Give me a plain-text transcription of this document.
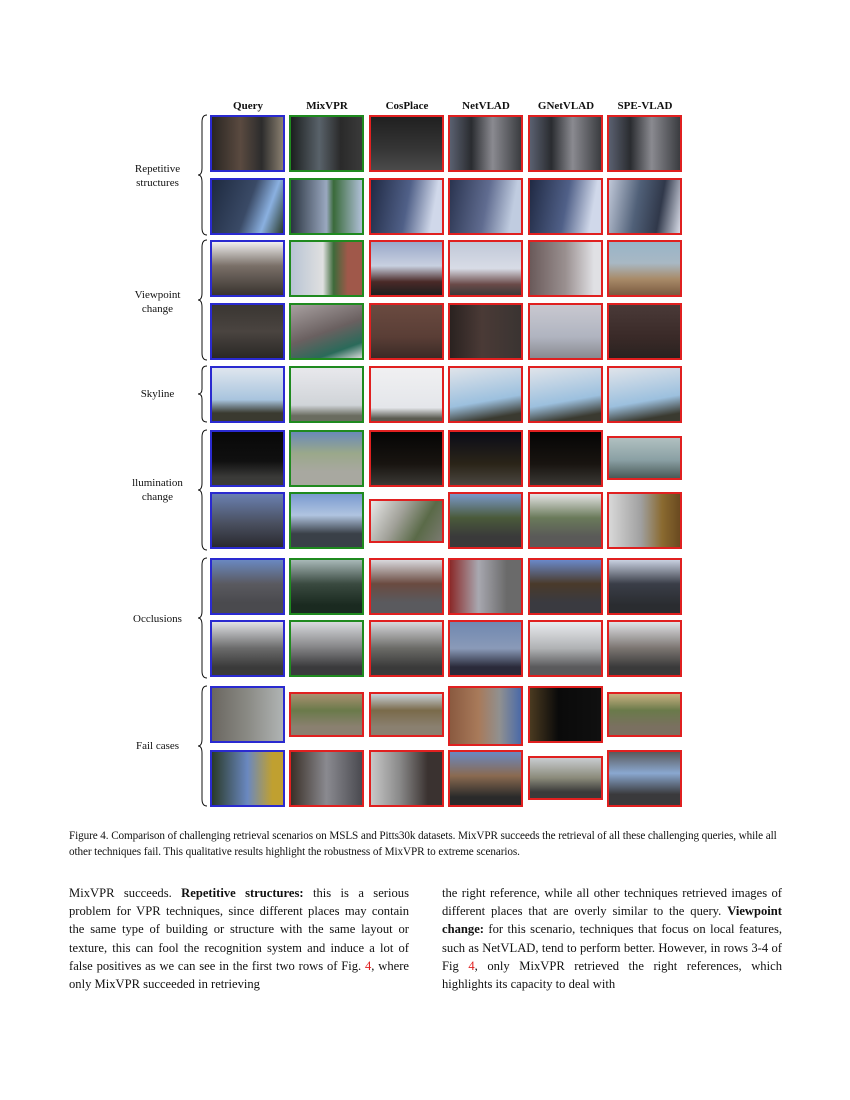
Query	MixVPR	CosPlace	NetVLAD	GNetVLAD	SPE-VLAD
Repetitive
structures
Viewpoint
change
Skyline
llumination
change
Occlusions
Fail cases
Figure 4. Comparison of challenging retrieval scenarios on MSLS and Pitts30k datasets. MixVPR succeeds the retrieval of all these challenging queries, while all other techniques fail. This qualitative results highlight the robustness of MixVPR to extreme scenarios.
MixVPR succeeds. Repetitive structures: this is a serious problem for VPR techniques, since different places may contain the same type of building or structure with the same layout or texture, this can fool the recognition system and induce a lot of false positives as we can see in the first two rows of Fig. 4, where only MixVPR succeeded in retrieving
the right reference, while all other techniques retrieved images of different places that are overly similar to the query. Viewpoint change: for this scenario, techniques that focus on local features, such as NetVLAD, tend to perform better. However, in rows 3-4 of Fig 4, only MixVPR retrieved the right references, which highlights its capacity to deal with
